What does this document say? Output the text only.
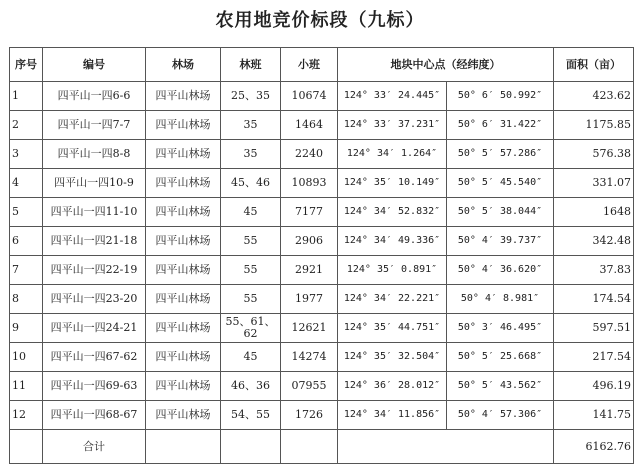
农用地竞价标段（九标）
序号	编号	林场	林班	小班	地块中心点（经纬度）		面积（亩）
1	四平山一四6-6	四平山林场	25、35	10674	124° 33′ 24.445″	50° 6′ 50.992″	423.62
2	四平山一四7-7	四平山林场	35	1464	124° 33′ 37.231″	50° 6′ 31.422″	1175.85
3	四平山一四8-8	四平山林场	35	2240	124° 34′ 1.264″	50° 5′ 57.286″	576.38
4	四平山一四10-9	四平山林场	45、46	10893	124° 35′ 10.149″	50° 5′ 45.540″	331.07
5	四平山一四11-10	四平山林场	45	7177	124° 34′ 52.832″	50° 5′ 38.044″	1648
6	四平山一四21-18	四平山林场	55	2906	124° 34′ 49.336″	50° 4′ 39.737″	342.48
7	四平山一四22-19	四平山林场	55	2921	124° 35′ 0.891″	50° 4′ 36.620″	37.83
8	四平山一四23-20	四平山林场	55	1977	124° 34′ 22.221″	50° 4′ 8.981″	174.54
9	四平山一四24-21	四平山林场	55、61、62	12621	124° 35′ 44.751″	50° 3′ 46.495″	597.51
10	四平山一四67-62	四平山林场	45	14274	124° 35′ 32.504″	50° 5′ 25.668″	217.54
11	四平山一四69-63	四平山林场	46、36	07955	124° 36′ 28.012″	50° 5′ 43.562″	496.19
12	四平山一四68-67	四平山林场	54、55	1726	124° 34′ 11.856″	50° 4′ 57.306″	141.75
	合计						6162.76
